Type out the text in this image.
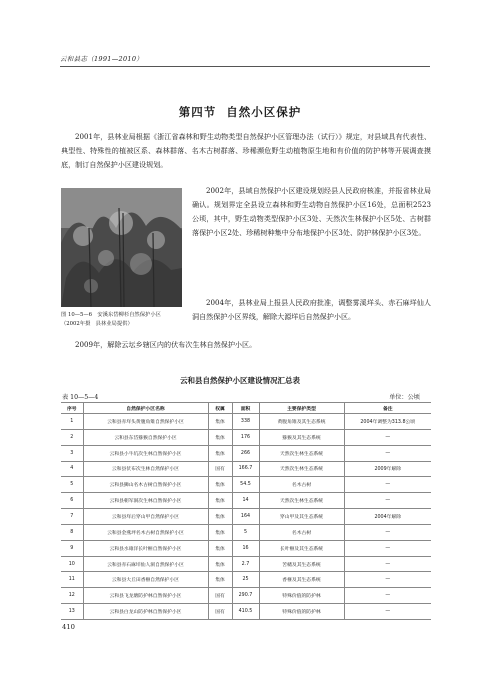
云和县志（1991—2010）
第四节 自然小区保护
2001年，县林业局根据《浙江省森林和野生动物类型自然保护小区管理办法（试行）》规定，对县域具有代表性、典型性、特殊性的植被区系、森林群落、名木古树群落、珍稀濒危野生动植物原生地和有价值的防护林等开展调查摸底，制订自然保护小区建设规划。
图 10—5—6　安溪东岱柳杉自然保护小区
（2002年摄　县林业局提供）
2002年，县域自然保护小区建设规划经县人民政府核准，并报省林业局确认。规划界定全县设立森林和野生动物自然保护小区16处，总面积2523公顷，其中，野生动物类型保护小区3处、天然次生林保护小区5处、古树群落保护小区2处、珍稀树种集中分布地保护小区3处、防护林保护小区3处。
2004年，县林业局上报县人民政府批准，调整雾溪垟头、赤石麻垟仙人洞自然保护小区界线，解除大源垟后自然保护小区。
2009年，解除云坛乡辖区内的伏布次生林自然保护小区。
云和县自然保护小区建设情况汇总表
表 10—5—4	单位：公顷
序号	自然保护小区名称	权属	面积	主要保护类型	备注
1	云和县赤垟头黄腹角雉自然保护小区	集体	338	黄腹角雉及其生态系统	2004年调整为313.8公顷
2	云和县东岱猕猴自然保护小区	集体	176	猕猴及其生态系统	—
3	云和县小牛坑次生林自然保护小区	集体	266	天然次生林生态系统	—
4	云和县伏布次生林自然保护小区	国有	166.7	天然次生林生态系统	2009年解除
5	云和县狮山名木古树自然保护小区	集体	54.5	名木古树	—
6	云和县朝军洞次生林自然保护小区	集体	14	天然次生林生态系统	—
7	云和县垟后穿山甲自然保护小区	集体	164	穿山甲及其生态系统	2004年解除
8	云和县金燕坪名木古树自然保护小区	集体	5	名木古树	—
9	云和县水碓洋长叶榧自然保护小区	集体	16	长叶榧及其生态系统	—
10	云和县赤石麻垟仙人洞自然保护小区	集体	2.7	苦槠及其生态系统	—
11	云和县大丘田香榧自然保护小区	集体	25	香榧及其生态系统	—
12	云和县飞龙塘防护林自然保护小区	国有	290.7	特殊价值的防护林	—
13	云和县白龙山防护林自然保护小区	国有	410.5	特殊价值的防护林	—
410
